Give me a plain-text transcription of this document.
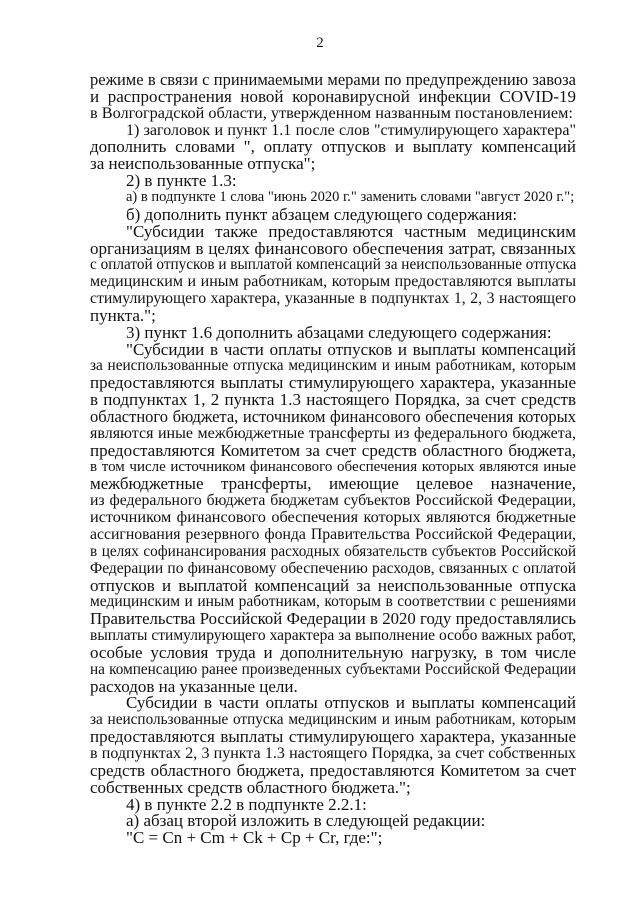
2
режиме в связи с принимаемыми мерами по предупреждению завоза
и распространения новой коронавирусной инфекции COVID-19
в Волгоградской области, утвержденном названным постановлением:
1) заголовок и пункт 1.1 после слов "стимулирующего характера"
дополнить словами ", оплату отпусков и выплату компенсаций
за неиспользованные отпуска";
2) в пункте 1.3:
а) в подпункте 1 слова "июнь 2020 г." заменить словами "август 2020 г.";
б) дополнить пункт абзацем следующего содержания:
"Субсидии также предоставляются частным медицинским
организациям в целях финансового обеспечения затрат, связанных
с оплатой отпусков и выплатой компенсаций за неиспользованные отпуска
медицинским и иным работникам, которым предоставляются выплаты
стимулирующего характера, указанные в подпунктах 1, 2, 3 настоящего
пункта.";
3) пункт 1.6 дополнить абзацами следующего содержания:
"Субсидии в части оплаты отпусков и выплаты компенсаций
за неиспользованные отпуска медицинским и иным работникам, которым
предоставляются выплаты стимулирующего характера, указанные
в подпунктах 1, 2 пункта 1.3 настоящего Порядка, за счет средств
областного бюджета, источником финансового обеспечения которых
являются иные межбюджетные трансферты из федерального бюджета,
предоставляются Комитетом за счет средств областного бюджета,
в том числе источником финансового обеспечения которых являются иные
межбюджетные трансферты, имеющие целевое назначение,
из федерального бюджета бюджетам субъектов Российской Федерации,
источником финансового обеспечения которых являются бюджетные
ассигнования резервного фонда Правительства Российской Федерации,
в целях софинансирования расходных обязательств субъектов Российской
Федерации по финансовому обеспечению расходов, связанных с оплатой
отпусков и выплатой компенсаций за неиспользованные отпуска
медицинским и иным работникам, которым в соответствии с решениями
Правительства Российской Федерации в 2020 году предоставлялись
выплаты стимулирующего характера за выполнение особо важных работ,
особые условия труда и дополнительную нагрузку, в том числе
на компенсацию ранее произведенных субъектами Российской Федерации
расходов на указанные цели.
Субсидии в части оплаты отпусков и выплаты компенсаций
за неиспользованные отпуска медицинским и иным работникам, которым
предоставляются выплаты стимулирующего характера, указанные
в подпунктах 2, 3 пункта 1.3 настоящего Порядка, за счет собственных
средств областного бюджета, предоставляются Комитетом за счет
собственных средств областного бюджета.";
4) в пункте 2.2 в подпункте 2.2.1:
а) абзац второй изложить в следующей редакции:
"С = Сn + Сm + Сk + Сp + Сr, где:";
